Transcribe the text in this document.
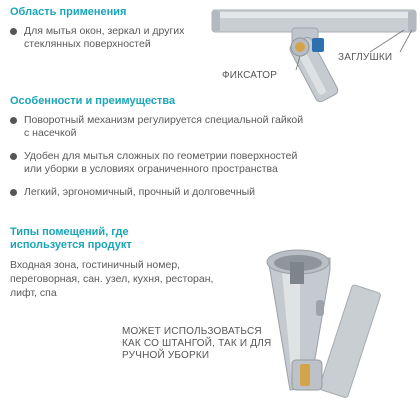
Область применения
Для мытья окон, зеркал и других стеклянных поверхностей
Особенности и преимущества
Поворотный механизм регулируется специальной гайкой с насечкой
Удобен для мытья сложных по геометрии поверхностей или уборки в условиях ограниченного пространства
Легкий, эргономичный, прочный и долговечный
Типы помещений, где используется продукт
Входная зона, гостиничный номер, переговорная, сан. узел, кухня, ресторан, лифт, спа
ФИКСАТОР
ЗАГЛУШКИ
МОЖЕТ ИСПОЛЬЗОВАТЬСЯ КАК СО ШТАНГОЙ, ТАК И ДЛЯ РУЧНОЙ УБОРКИ
